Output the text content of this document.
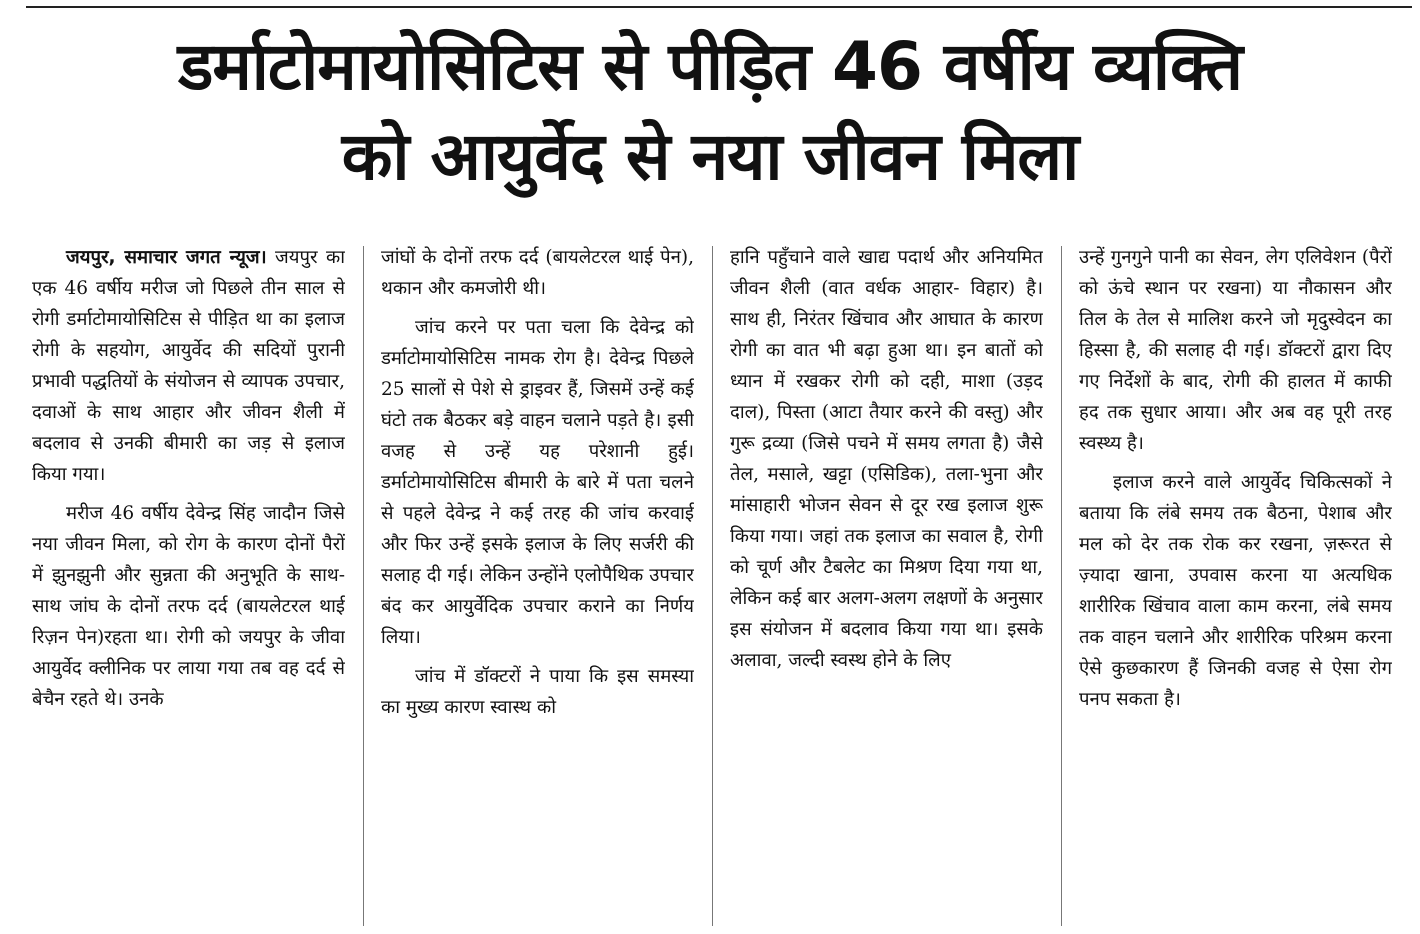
डर्माटोमायोसिटिस से पीड़ित 46 वर्षीय व्यक्ति
को आयुर्वेद से नया जीवन मिला

जयपुर, समाचार जगत न्यूज। जयपुर का एक 46 वर्षीय मरीज जो पिछले तीन साल से रोगी डर्माटोमायोसिटिस से पीड़ित था का इलाज रोगी के सहयोग, आयुर्वेद की सदियों पुरानी प्रभावी पद्धतियों के संयोजन से व्यापक उपचार, दवाओं के साथ आहार और जीवन शैली में बदलाव से उनकी बीमारी का जड़ से इलाज किया गया।

मरीज 46 वर्षीय देवेन्द्र सिंह जादौन जिसे नया जीवन मिला, को रोग के कारण दोनों पैरों में झुनझुनी और सुन्नता की अनुभूति के साथ-साथ जांघ के दोनों तरफ दर्द (बायलेटरल थाई रिज़न पेन)रहता था। रोगी को जयपुर के जीवा आयुर्वेद क्लीनिक पर लाया गया तब वह दर्द से बेचैन रहते थे। उनके

जांघों के दोनों तरफ दर्द (बायलेटरल थाई पेन), थकान और कमजोरी थी।

जांच करने पर पता चला कि देवेन्द्र को डर्माटोमायोसिटिस नामक रोग है। देवेन्द्र पिछले 25 सालों से पेशे से ड्राइवर हैं, जिसमें उन्हें कई घंटो तक बैठकर बड़े वाहन चलाने पड़ते है। इसी वजह से उन्हें यह परेशानी हुई। डर्माटोमायोसिटिस बीमारी के बारे में पता चलने से पहले देवेन्द्र ने कई तरह की जांच करवाई और फिर उन्हें इसके इलाज के लिए सर्जरी की सलाह दी गई। लेकिन उन्होंने एलोपैथिक उपचार बंद कर आयुर्वेदिक उपचार कराने का निर्णय लिया।

जांच में डॉक्टरों ने पाया कि इस समस्या का मुख्य कारण स्वास्थ को

हानि पहुँचाने वाले खाद्य पदार्थ और अनियमित जीवन शैली (वात वर्धक आहार- विहार) है। साथ ही, निरंतर खिंचाव और आघात के कारण रोगी का वात भी बढ़ा हुआ था। इन बातों को ध्यान में रखकर रोगी को दही, माशा (उड़द दाल), पिस्ता (आटा तैयार करने की वस्तु) और गुरू द्रव्या (जिसे पचने में समय लगता है) जैसे तेल, मसाले, खट्टा (एसिडिक), तला-भुना और मांसाहारी भोजन सेवन से दूर रख इलाज शुरू किया गया। जहां तक इलाज का सवाल है, रोगी को चूर्ण और टैबलेट का मिश्रण दिया गया था, लेकिन कई बार अलग-अलग लक्षणों के अनुसार इस संयोजन में बदलाव किया गया था। इसके अलावा, जल्दी स्वस्थ होने के लिए

उन्हें गुनगुने पानी का सेवन, लेग एलिवेशन (पैरों को ऊंचे स्थान पर रखना) या नौकासन और तिल के तेल से मालिश करने जो मृदुस्वेदन का हिस्सा है, की सलाह दी गई। डॉक्टरों द्वारा दिए गए निर्देशों के बाद, रोगी की हालत में काफी हद तक सुधार आया। और अब वह पूरी तरह स्वस्थ्य है।

इलाज करने वाले आयुर्वेद चिकित्सकों ने बताया कि लंबे समय तक बैठना, पेशाब और मल को देर तक रोक कर रखना, ज़रूरत से ज़्यादा खाना, उपवास करना या अत्यधिक शारीरिक खिंचाव वाला काम करना, लंबे समय तक वाहन चलाने और शारीरिक परिश्रम करना ऐसे कुछकारण हैं जिनकी वजह से ऐसा रोग पनप सकता है।
